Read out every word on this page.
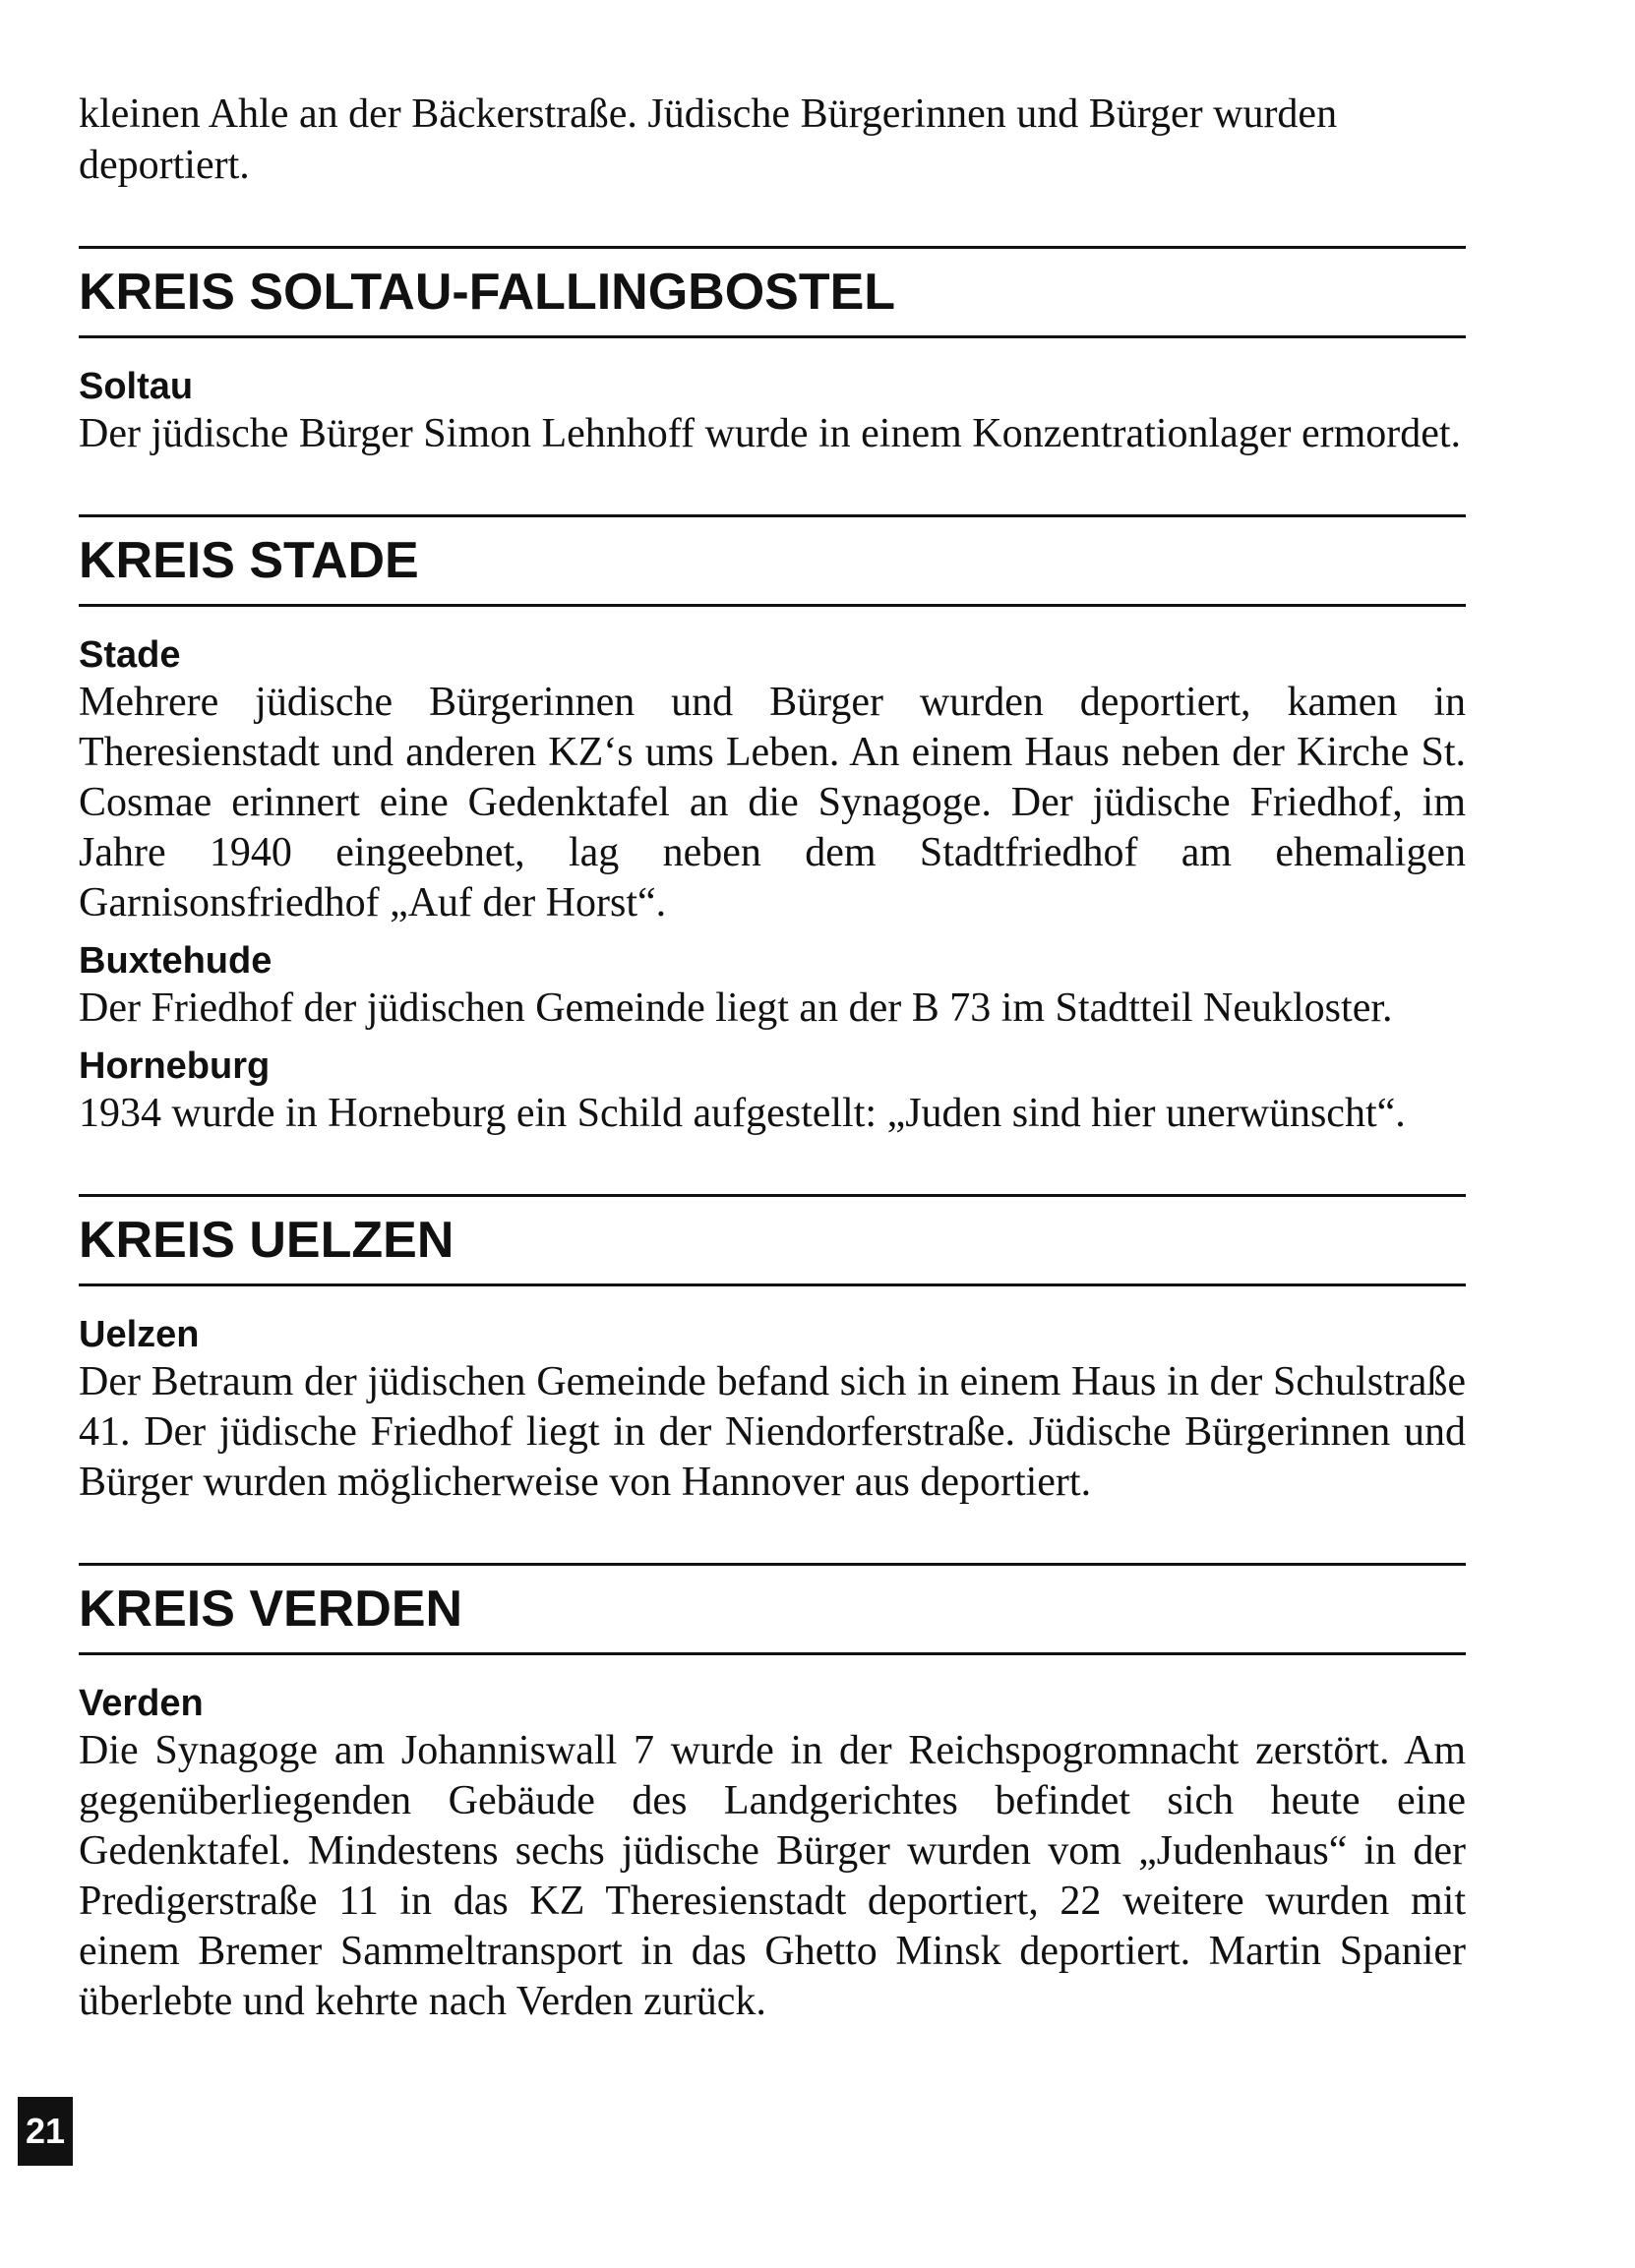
kleinen Ahle an der Bäckerstraße. Jüdische Bürgerinnen und Bürger wurden deportiert.

KREIS SOLTAU-FALLINGBOSTEL
Soltau

Der jüdische Bürger Simon Lehnhoff wurde in einem Konzentrationlager ermordet.

KREIS STADE
Stade

Mehrere jüdische Bürgerinnen und Bürger wurden deportiert, kamen in Theresienstadt und anderen KZ‘s ums Leben. An einem Haus neben der Kirche St. Cosmae erinnert eine Gedenktafel an die Synagoge. Der jüdische Friedhof, im Jahre 1940 eingeebnet, lag neben dem Stadtfriedhof am ehemaligen Garnisonsfriedhof „Auf der Horst“.

Buxtehude

Der Friedhof der jüdischen Gemeinde liegt an der B 73 im Stadtteil Neukloster.

Horneburg

1934 wurde in Horneburg ein Schild aufgestellt: „Juden sind hier unerwünscht“.

KREIS UELZEN
Uelzen

Der Betraum der jüdischen Gemeinde befand sich in einem Haus in der Schulstraße 41. Der jüdische Friedhof liegt in der Niendorferstraße. Jüdische Bürgerinnen und Bürger wurden möglicherweise von Hannover aus deportiert.

KREIS VERDEN
Verden

Die Synagoge am Johanniswall 7 wurde in der Reichspogromnacht zerstört. Am gegenüberliegenden Gebäude des Landgerichtes befindet sich heute eine Gedenktafel. Mindestens sechs jüdische Bürger wurden vom „Judenhaus“ in der Predigerstraße 11 in das KZ Theresienstadt deportiert, 22 weitere wurden mit einem Bremer Sammeltransport in das Ghetto Minsk deportiert. Martin Spanier überlebte und kehrte nach Verden zurück.

21
